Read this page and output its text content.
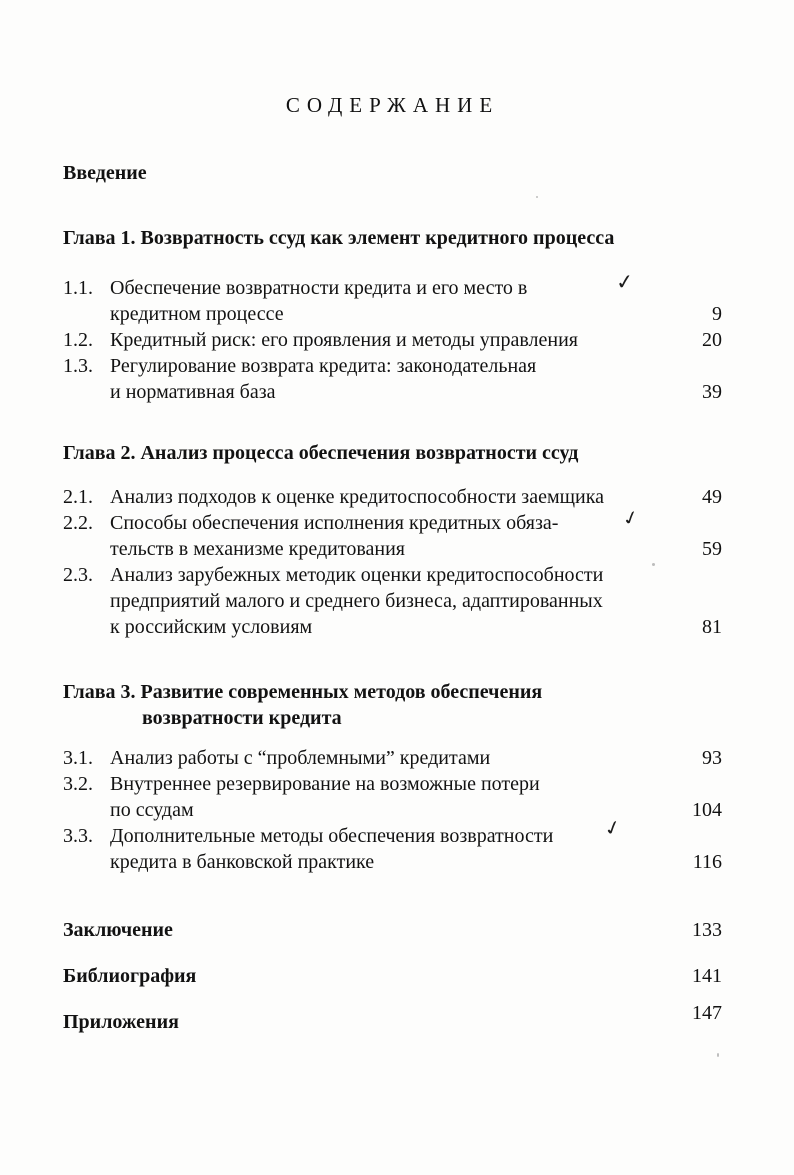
✓
✓
✓
СОДЕРЖАНИЕ
Введение
Глава 1. Возвратность ссуд как элемент кредитного процесса
1.1. Обеспечение возвратности кредита и его место в
кредитном процессе	9
1.2. Кредитный риск: его проявления и методы управления	20
1.3. Регулирование возврата кредита: законодательная
и нормативная база	39
Глава 2. Анализ процесса обеспечения возвратности ссуд
2.1. Анализ подходов к оценке кредитоспособности заемщика	49
2.2. Способы обеспечения исполнения кредитных обяза-
тельств в механизме кредитования	59
2.3. Анализ зарубежных методик оценки кредитоспособности
предприятий малого и среднего бизнеса, адаптированных
к российским условиям	81
Глава 3. Развитие современных методов обеспечения
возвратности кредита
3.1. Анализ работы с “проблемными” кредитами	93
3.2. Внутреннее резервирование на возможные потери
по ссудам	104
3.3. Дополнительные методы обеспечения возвратности
кредита в банковской практике	116
Заключение	133
Библиография	141
Приложения	147
